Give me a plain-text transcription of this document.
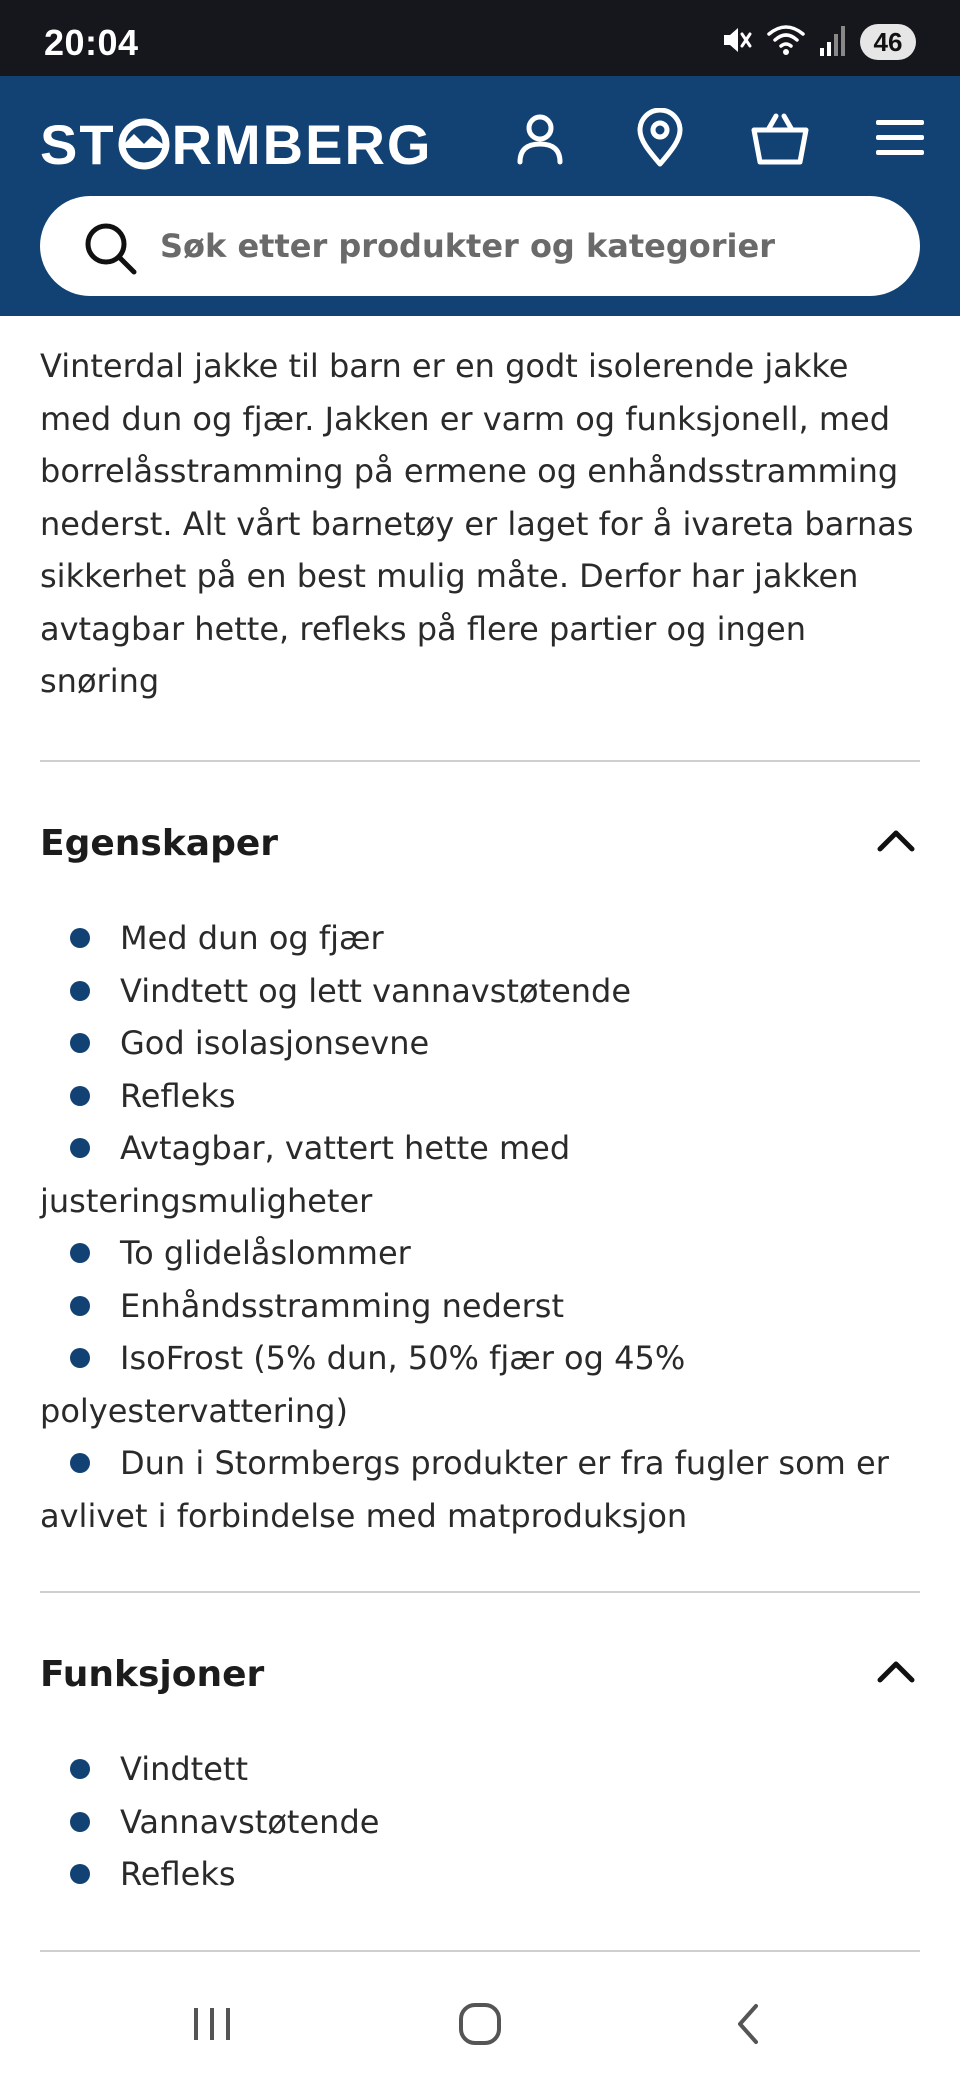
20:04	46
ST RMBERG
Søk etter produkter og kategorier

Vinterdal jakke til barn er en godt isolerende jakke med dun og fjær. Jakken er varm og funksjonell, med borrelåsstramming på ermene og enhåndsstramming nederst. Alt vårt barnetøy er laget for å ivareta barnas sikkerhet på en best mulig måte. Derfor har jakken avtagbar hette, refleks på flere partier og ingen snøring

Egenskaper
Med dun og fjær
Vindtett og lett vannavstøtende
God isolasjonsevne
Refleks
Avtagbar, vattert hette med justeringsmuligheter
To glidelåslommer
Enhåndsstramming nederst
IsoFrost (5% dun, 50% fjær og 45% polyestervattering)
Dun i Stormbergs produkter er fra fugler som er avlivet i forbindelse med matproduksjon
Funksjoner
Vindtett
Vannavstøtende
Refleks
